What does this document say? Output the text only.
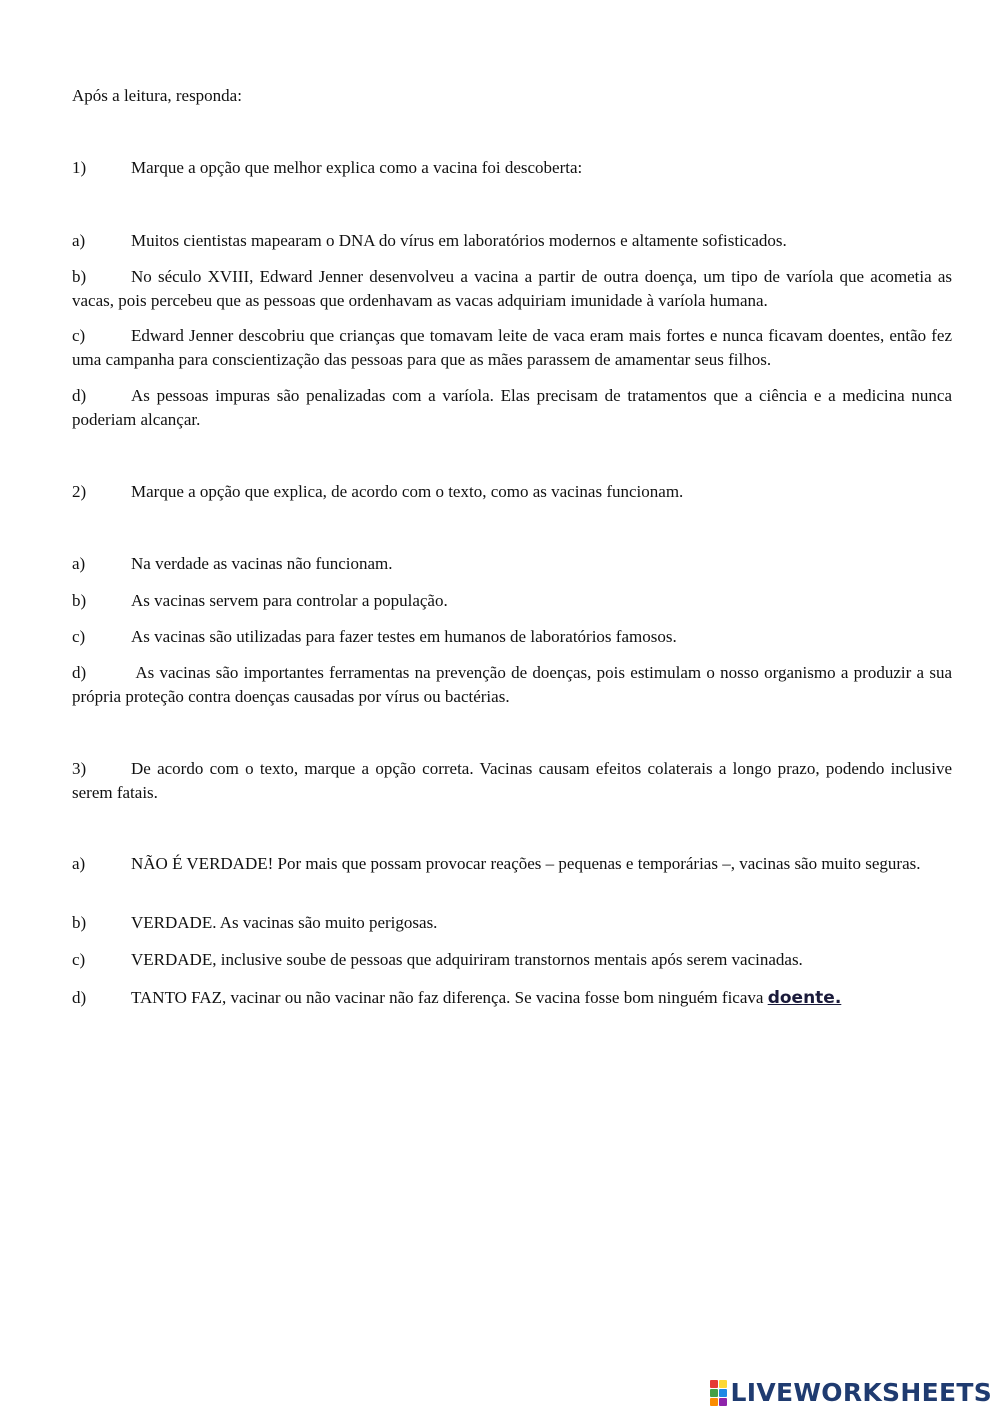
Após a leitura, responda:
1)	Marque a opção que melhor explica como a vacina foi descoberta:
a)	Muitos cientistas mapearam o DNA do vírus em laboratórios modernos e altamente sofisticados.
b)	No século XVIII, Edward Jenner desenvolveu a vacina a partir de outra doença, um tipo de varíola que acometia as vacas, pois percebeu que as pessoas que ordenhavam as vacas adquiriam imunidade à varíola humana.
c)	Edward Jenner descobriu que crianças que tomavam leite de vaca eram mais fortes e nunca ficavam doentes, então fez uma campanha para conscientização das pessoas para que as mães parassem de amamentar seus filhos.
d)	As pessoas impuras são penalizadas com a varíola. Elas precisam de tratamentos que a ciência e a medicina nunca poderiam alcançar.
2)	Marque a opção que explica, de acordo com o texto, como as vacinas funcionam.
a)	Na verdade as vacinas não funcionam.
b)	As vacinas servem para controlar a população.
c)	As vacinas são utilizadas para fazer testes em humanos de laboratórios famosos.
d)	As vacinas são importantes ferramentas na prevenção de doenças, pois estimulam o nosso organismo a produzir a sua própria proteção contra doenças causadas por vírus ou bactérias.
3)	De acordo com o texto, marque a opção correta. Vacinas causam efeitos colaterais a longo prazo, podendo inclusive serem fatais.
a)	NÃO É VERDADE! Por mais que possam provocar reações – pequenas e temporárias –, vacinas são muito seguras.
b)	VERDADE. As vacinas são muito perigosas.
c)	VERDADE, inclusive soube de pessoas que adquiriram transtornos mentais após serem vacinadas.
d)	TANTO FAZ, vacinar ou não vacinar não faz diferença. Se vacina fosse bom ninguém ficava doente.
LIVEWORKSHEETS
